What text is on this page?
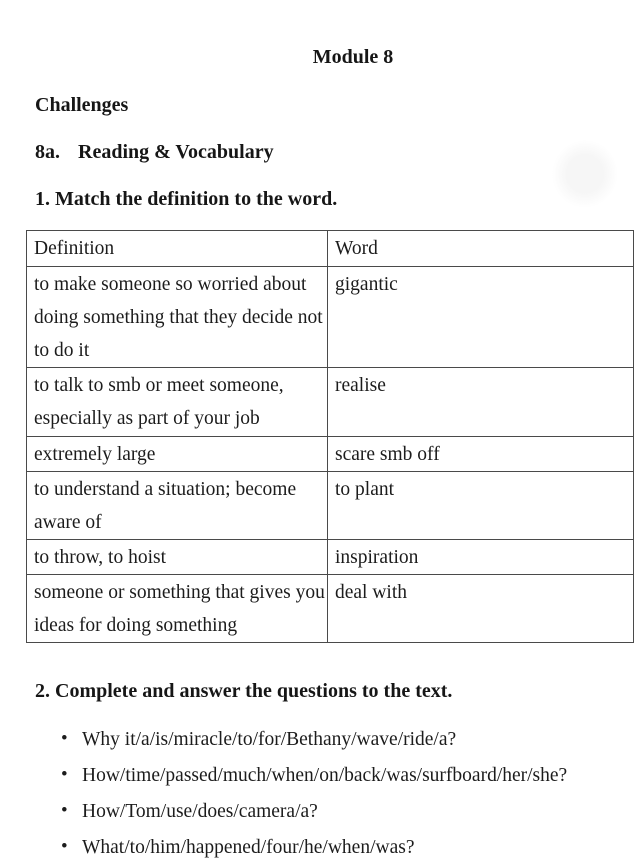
Module 8
Challenges
8a. Reading & Vocabulary
1. Match the definition to the word.
Definition	Word
to make someone so worried about doing something that they decide not to do it	gigantic
to talk to smb or meet someone, especially as part of your job	realise
extremely large	scare smb off
to understand a situation; become aware of	to plant
to throw, to hoist	inspiration
someone or something that gives you ideas for doing something	deal with
2. Complete and answer the questions to the text.
• Why it/a/is/miracle/to/for/Bethany/wave/ride/a?
• How/time/passed/much/when/on/back/was/surfboard/her/she?
• How/Tom/use/does/camera/a?
• What/to/him/happened/four/he/when/was?
